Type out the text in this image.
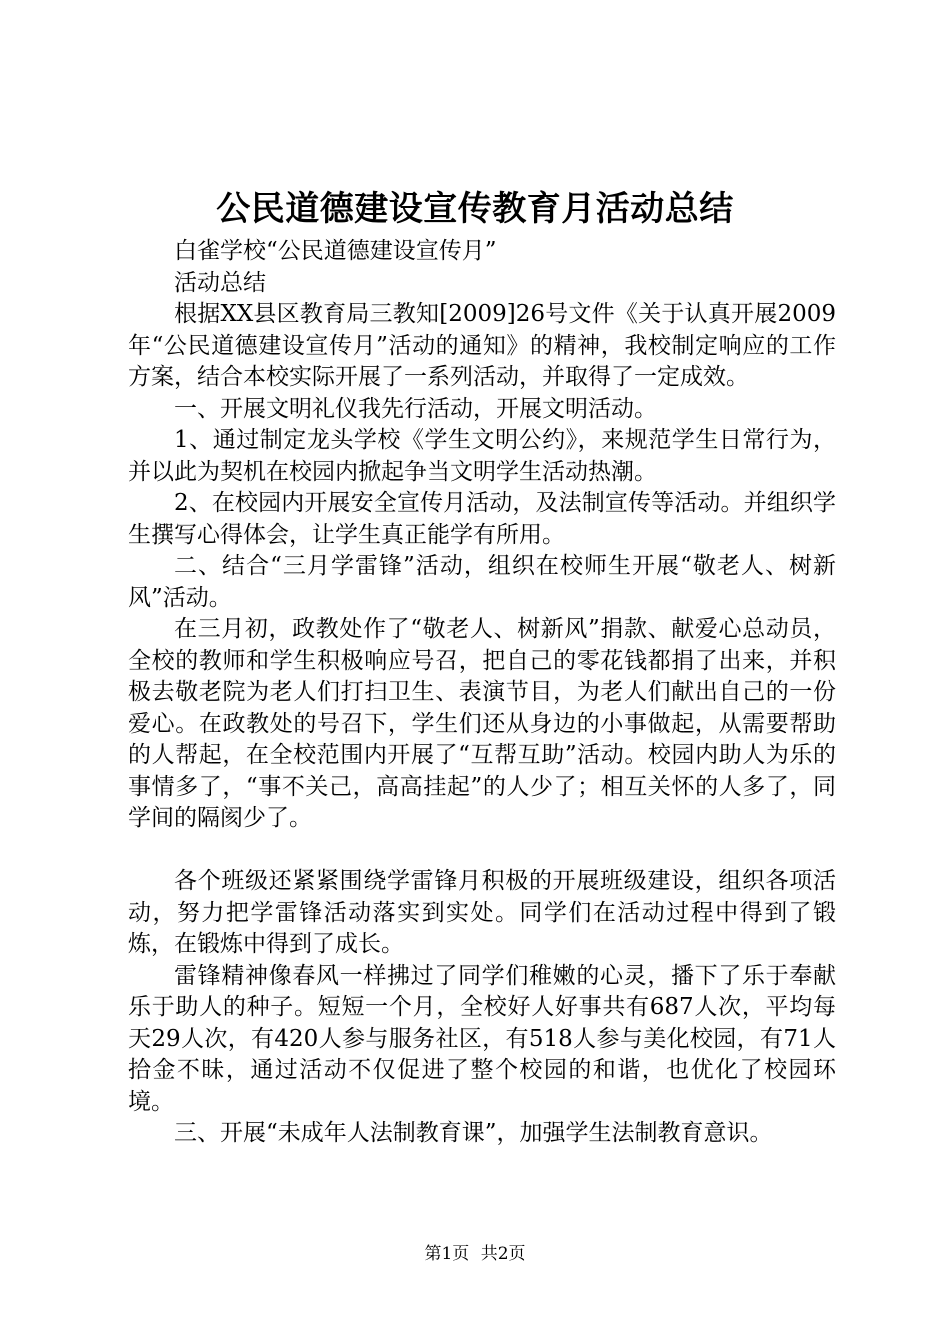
公民道德建设宣传教育月活动总结

白雀学校“公民道德建设宣传月”

活动总结

根据XX县区教育局三教知[2009]26号文件《关于认真开展2009年“公民道德建设宣传月”活动的通知》的精神，我校制定响应的工作方案，结合本校实际开展了一系列活动，并取得了一定成效。

一、开展文明礼仪我先行活动，开展文明活动。

1、通过制定龙头学校《学生文明公约》，来规范学生日常行为，并以此为契机在校园内掀起争当文明学生活动热潮。

2、在校园内开展安全宣传月活动，及法制宣传等活动。并组织学生撰写心得体会，让学生真正能学有所用。

二、结合“三月学雷锋”活动，组织在校师生开展“敬老人、树新风”活动。

在三月初，政教处作了“敬老人、树新风”捐款、献爱心总动员，全校的教师和学生积极响应号召，把自己的零花钱都捐了出来，并积极去敬老院为老人们打扫卫生、表演节目，为老人们献出自己的一份爱心。在政教处的号召下，学生们还从身边的小事做起，从需要帮助的人帮起，在全校范围内开展了“互帮互助”活动。校园内助人为乐的事情多了，“事不关己，高高挂起”的人少了；相互关怀的人多了，同学间的隔阂少了。

各个班级还紧紧围绕学雷锋月积极的开展班级建设，组织各项活动，努力把学雷锋活动落实到实处。同学们在活动过程中得到了锻炼，在锻炼中得到了成长。

雷锋精神像春风一样拂过了同学们稚嫩的心灵，播下了乐于奉献乐于助人的种子。短短一个月，全校好人好事共有687人次，平均每天29人次，有420人参与服务社区，有518人参与美化校园，有71人拾金不昧，通过活动不仅促进了整个校园的和谐，也优化了校园环境。

三、开展“未成年人法制教育课”，加强学生法制教育意识。

第1页 共2页
